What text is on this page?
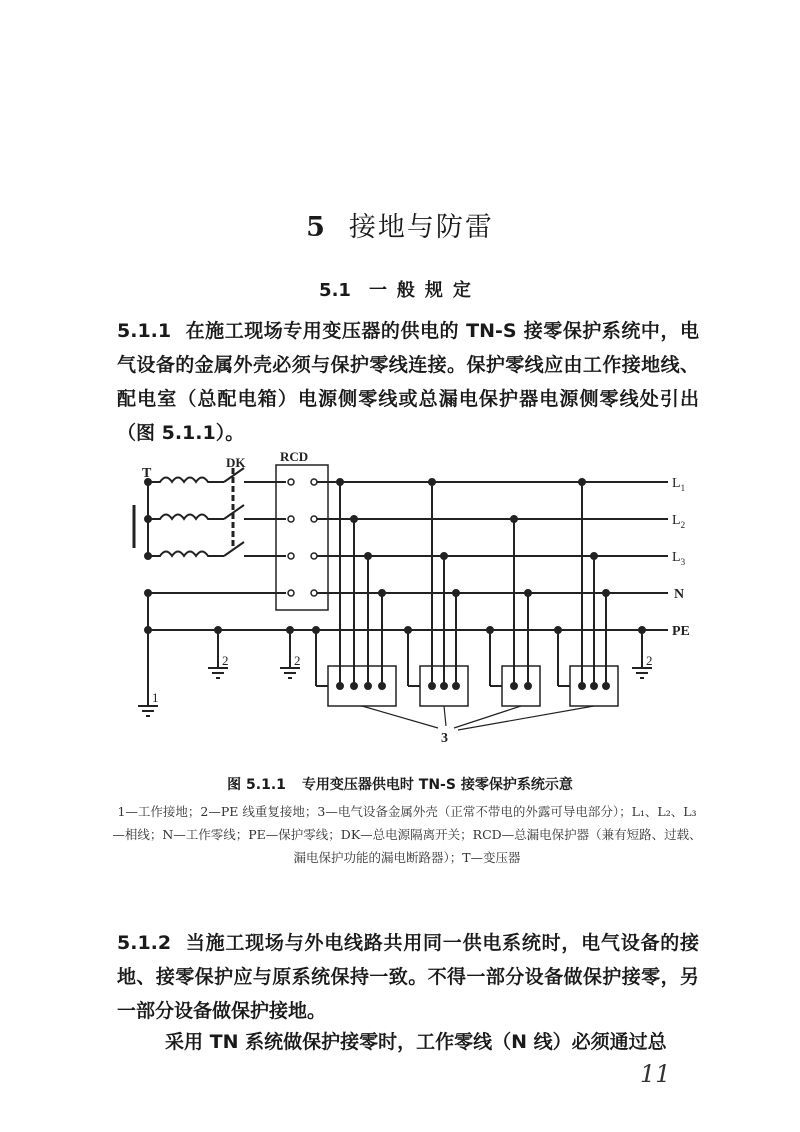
5 接地与防雷
5.1 一般规定
5.1.1 在施工现场专用变压器的供电的 TN-S 接零保护系统中，电气设备的金属外壳必须与保护零线连接。保护零线应由工作接地线、配电室（总配电箱）电源侧零线或总漏电保护器电源侧零线处引出（图 5.1.1）。
T
DK	RCD
$L_1$
$L_2$
$L_3$
N
PE
1
2	2	2
3
图 5.1.1 专用变压器供电时 TN-S 接零保护系统示意
1—工作接地；2—PE 线重复接地；3—电气设备金属外壳（正常不带电的外露可导电部分）；L₁、L₂、L₃—相线；N—工作零线；PE—保护零线；DK—总电源隔离开关；RCD—总漏电保护器（兼有短路、过载、漏电保护功能的漏电断路器）；T—变压器
5.1.2 当施工现场与外电线路共用同一供电系统时，电气设备的接地、接零保护应与原系统保持一致。不得一部分设备做保护接零，另一部分设备做保护接地。
采用 TN 系统做保护接零时，工作零线（N 线）必须通过总
11
